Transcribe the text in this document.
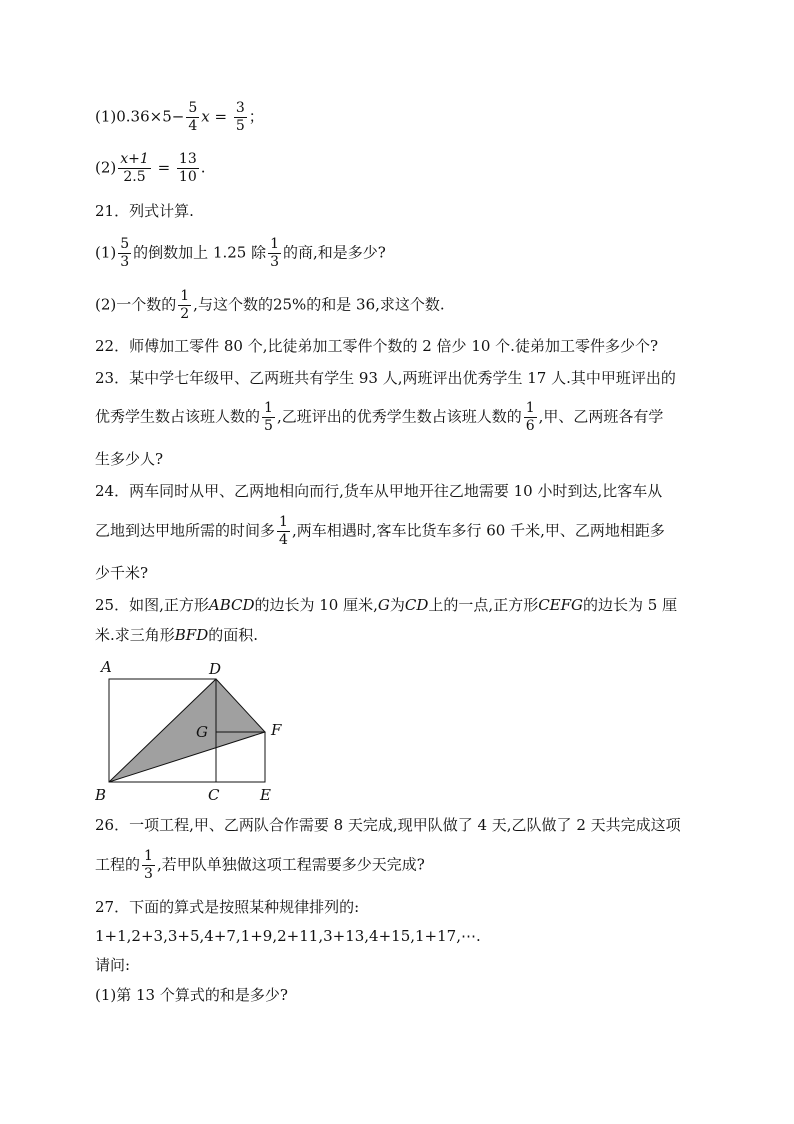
$(1)0.36\times 5- \frac{5}{4}$ $x = \frac{3}{5}$ ；
$(2) \frac{x+1}{2.5} = \frac{13}{10}$ .
21．列式计算.
$(1) \frac{5}{3}$ 的倒数加上 1.25 除 $\frac{1}{3}$ 的商,和是多少?
(2)一个数的 $\frac{1}{2}$ ,与这个数的25%的和是 36,求这个数.
22．师傅加工零件 80 个,比徒弟加工零件个数的 2 倍少 10 个.徒弟加工零件多少个?
23．某中学七年级甲、乙两班共有学生 93 人,两班评出优秀学生 17 人.其中甲班评出的
优秀学生数占该班人数的 $\frac{1}{5}$ ,乙班评出的优秀学生数占该班人数的 $\frac{1}{6}$ ,甲、乙两班各有学
生多少人?
24．两车同时从甲、乙两地相向而行,货车从甲地开往乙地需要 10 小时到达,比客车从
乙地到达甲地所需的时间多 $\frac{1}{4}$ ,两车相遇时,客车比货车多行 60 千米,甲、乙两地相距多
少千米?
25．如图,正方形ABCD的边长为 10 厘米,G为CD上的一点,正方形CEFG的边长为 5 厘
米.求三角形BFD的面积.
A	D
G	F
B	C	E
26．一项工程,甲、乙两队合作需要 8 天完成,现甲队做了 4 天,乙队做了 2 天共完成这项
工程的 $\frac{1}{3}$ ,若甲队单独做这项工程需要多少天完成?
27．下面的算式是按照某种规律排列的:
1+1,2+3,3+5,4+7,1+9,2+11,3+13,4+15,1+17,⋯.
请问:
(1)第 13 个算式的和是多少?
